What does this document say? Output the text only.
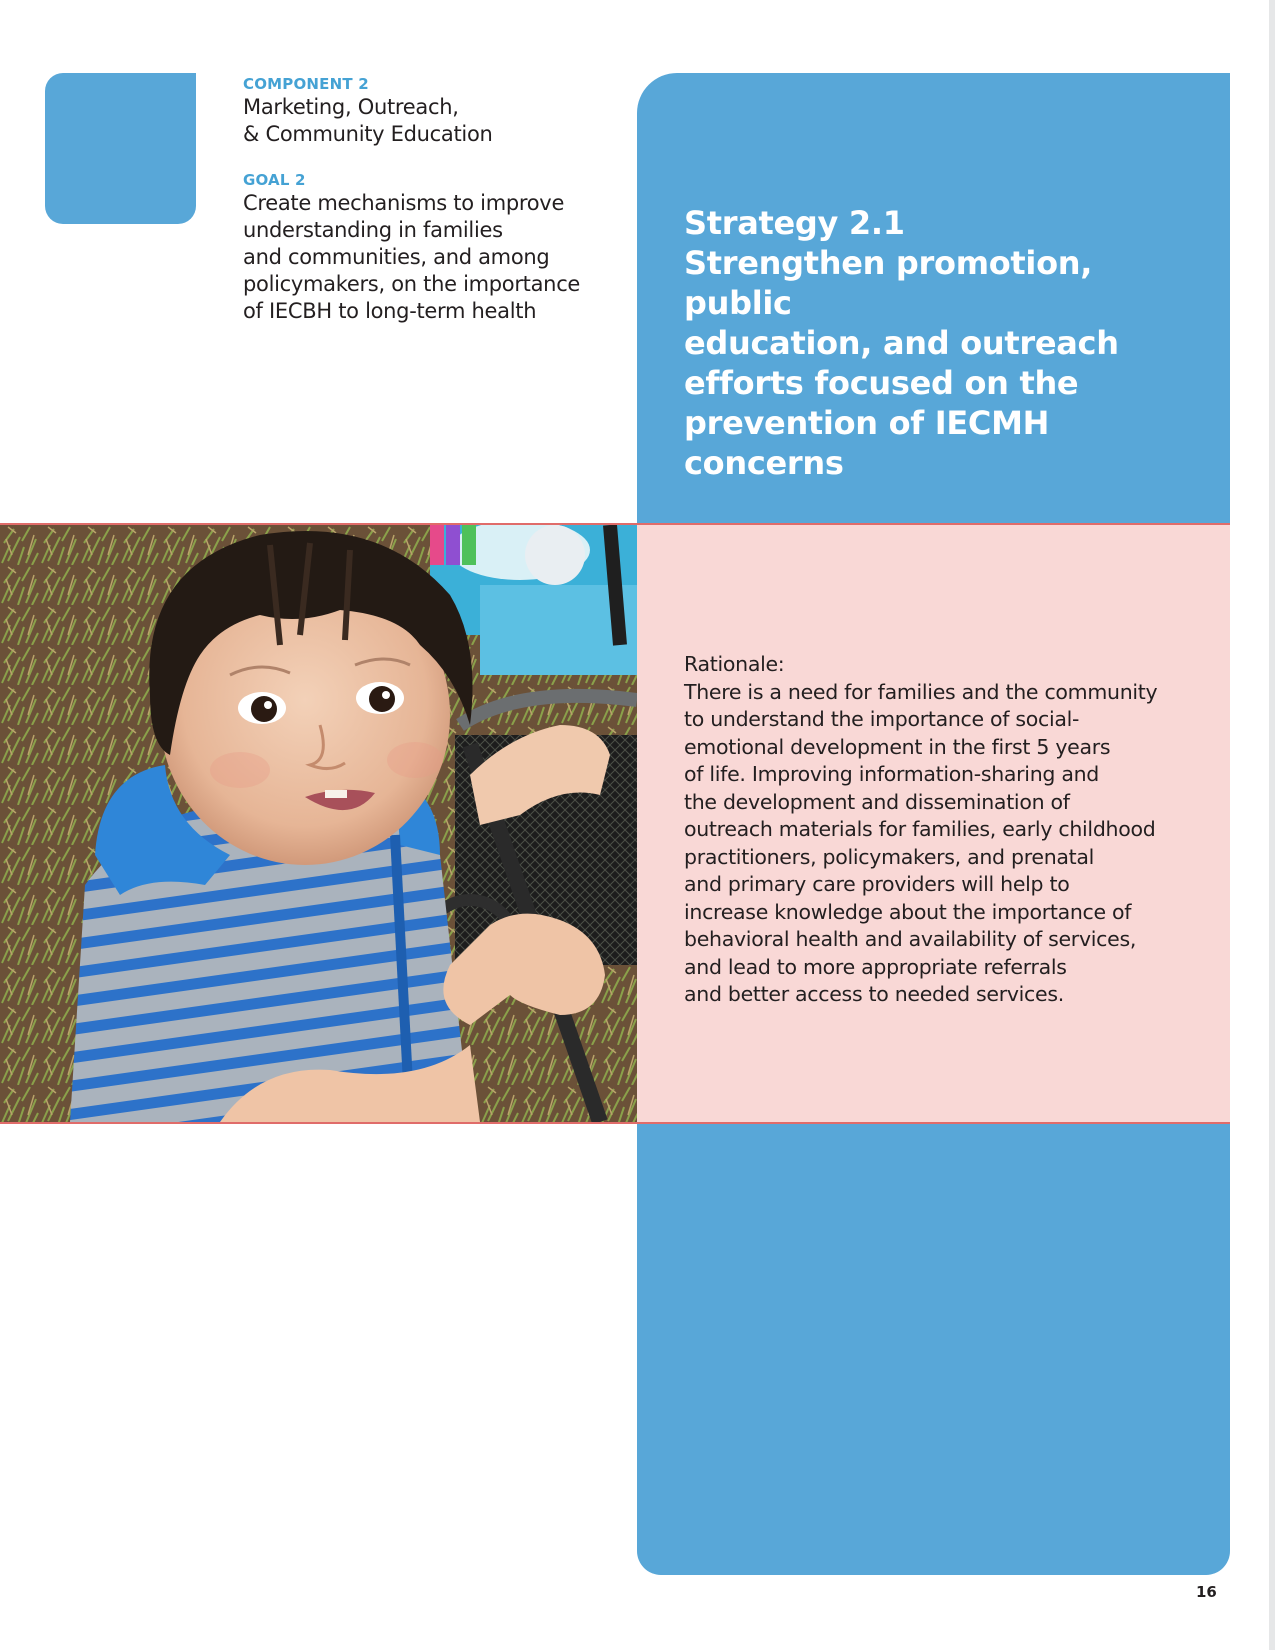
COMPONENT 2
Marketing, Outreach,
& Community Education
GOAL 2
Create mechanisms to improve
understanding in families
and communities, and among
policymakers, on the importance
of IECBH to long-term health
Strategy 2.1
Strengthen promotion, public
education, and outreach
efforts focused on the
prevention of IECMH concerns
Rationale:
There is a need for families and the community
to understand the importance of social-
emotional development in the first 5 years
of life. Improving information-sharing and
the development and dissemination of
outreach materials for families, early childhood
practitioners, policymakers, and prenatal
and primary care providers will help to
increase knowledge about the importance of
behavioral health and availability of services,
and lead to more appropriate referrals
and better access to needed services.
16
